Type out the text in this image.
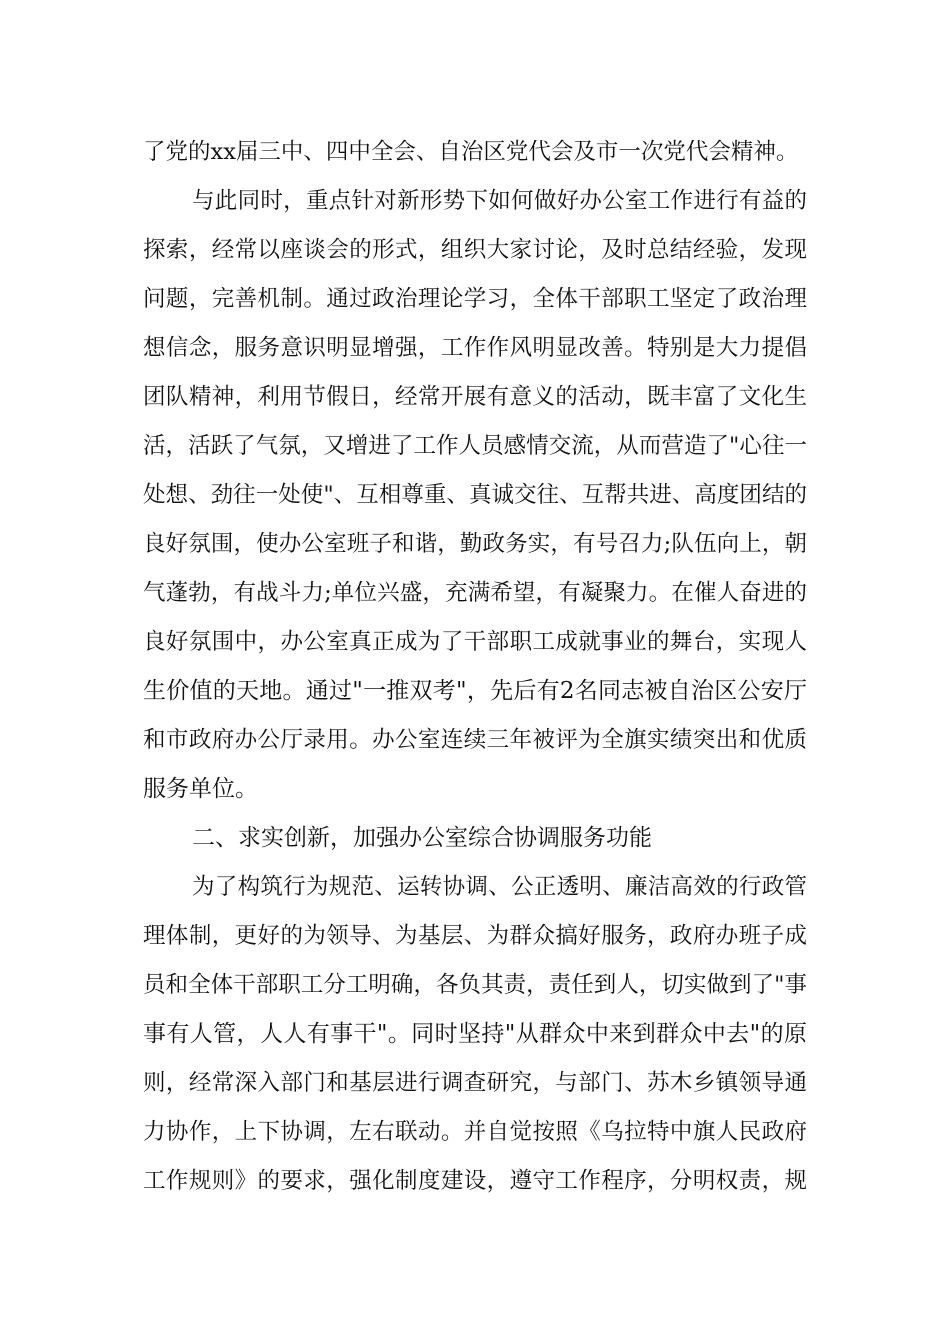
了党的xx届三中、四中全会、自治区党代会及市一次党代会精神。
与此同时，重点针对新形势下如何做好办公室工作进行有益的
探索，经常以座谈会的形式，组织大家讨论，及时总结经验，发现
问题，完善机制。通过政治理论学习，全体干部职工坚定了政治理
想信念，服务意识明显增强，工作作风明显改善。特别是大力提倡
团队精神，利用节假日，经常开展有意义的活动，既丰富了文化生
活，活跃了气氛，又增进了工作人员感情交流，从而营造了"心往一
处想、劲往一处使"、互相尊重、真诚交往、互帮共进、高度团结的
良好氛围，使办公室班子和谐，勤政务实，有号召力;队伍向上，朝
气蓬勃，有战斗力;单位兴盛，充满希望，有凝聚力。在催人奋进的
良好氛围中，办公室真正成为了干部职工成就事业的舞台，实现人
生价值的天地。通过"一推双考"，先后有2名同志被自治区公安厅
和市政府办公厅录用。办公室连续三年被评为全旗实绩突出和优质
服务单位。
二、求实创新，加强办公室综合协调服务功能
为了构筑行为规范、运转协调、公正透明、廉洁高效的行政管
理体制，更好的为领导、为基层、为群众搞好服务，政府办班子成
员和全体干部职工分工明确，各负其责，责任到人，切实做到了"事
事有人管，人人有事干"。同时坚持"从群众中来到群众中去"的原
则，经常深入部门和基层进行调查研究，与部门、苏木乡镇领导通
力协作，上下协调，左右联动。并自觉按照《乌拉特中旗人民政府
工作规则》的要求，强化制度建设，遵守工作程序，分明权责，规
